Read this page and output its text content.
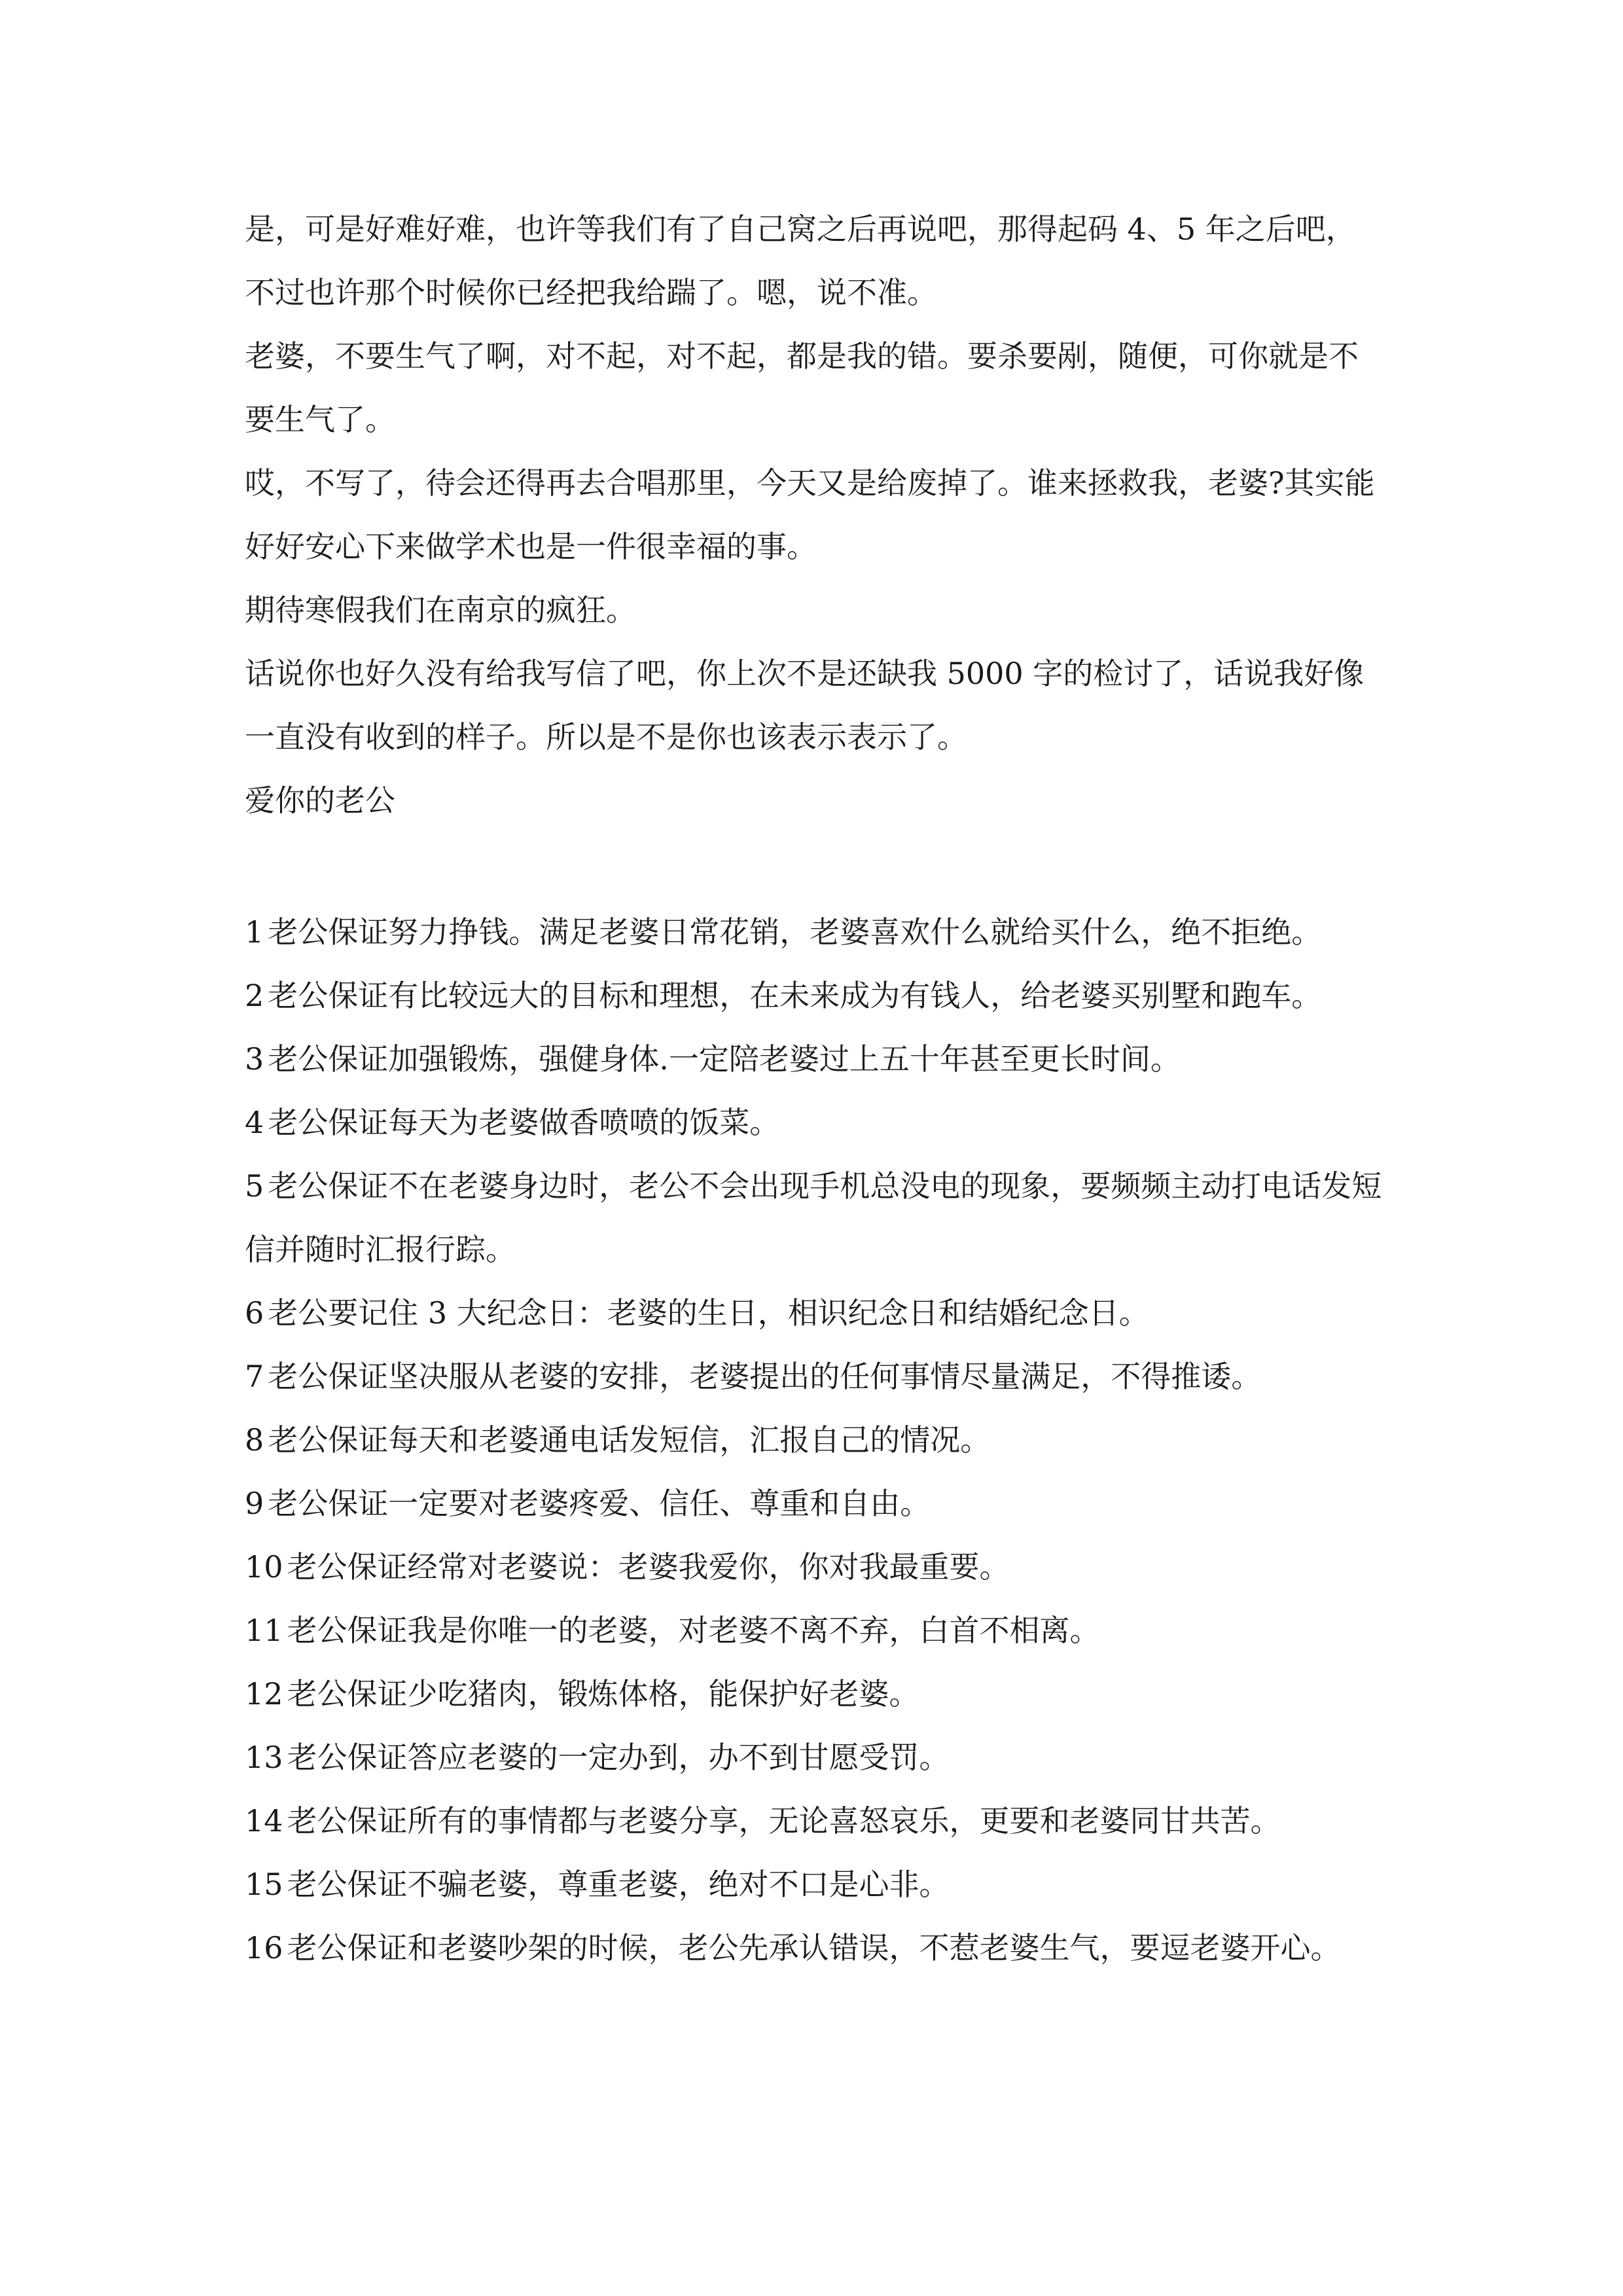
是，可是好难好难，也许等我们有了自己窝之后再说吧，那得起码 4、5 年之后吧，不过也许那个时候你已经把我给踹了。嗯，说不准。

老婆，不要生气了啊，对不起，对不起，都是我的错。要杀要剐，随便，可你就是不要生气了。

哎，不写了，待会还得再去合唱那里，今天又是给废掉了。谁来拯救我，老婆?其实能好好安心下来做学术也是一件很幸福的事。

期待寒假我们在南京的疯狂。

话说你也好久没有给我写信了吧，你上次不是还缺我 5000 字的检讨了，话说我好像一直没有收到的样子。所以是不是你也该表示表示了。

爱你的老公

1 老公保证努力挣钱。满足老婆日常花销，老婆喜欢什么就给买什么，绝不拒绝。

2 老公保证有比较远大的目标和理想，在未来成为有钱人，给老婆买别墅和跑车。

3 老公保证加强锻炼，强健身体.一定陪老婆过上五十年甚至更长时间。

4 老公保证每天为老婆做香喷喷的饭菜。

5 老公保证不在老婆身边时，老公不会出现手机总没电的现象，要频频主动打电话发短信并随时汇报行踪。

6 老公要记住 3 大纪念日：老婆的生日，相识纪念日和结婚纪念日。

7 老公保证坚决服从老婆的安排，老婆提出的任何事情尽量满足，不得推诿。

8 老公保证每天和老婆通电话发短信，汇报自己的情况。

9 老公保证一定要对老婆疼爱、信任、尊重和自由。

10 老公保证经常对老婆说：老婆我爱你，你对我最重要。

11 老公保证我是你唯一的老婆，对老婆不离不弃，白首不相离。

12 老公保证少吃猪肉，锻炼体格，能保护好老婆。

13 老公保证答应老婆的一定办到，办不到甘愿受罚。

14 老公保证所有的事情都与老婆分享，无论喜怒哀乐，更要和老婆同甘共苦。

15 老公保证不骗老婆，尊重老婆，绝对不口是心非。

16 老公保证和老婆吵架的时候，老公先承认错误，不惹老婆生气，要逗老婆开心。
